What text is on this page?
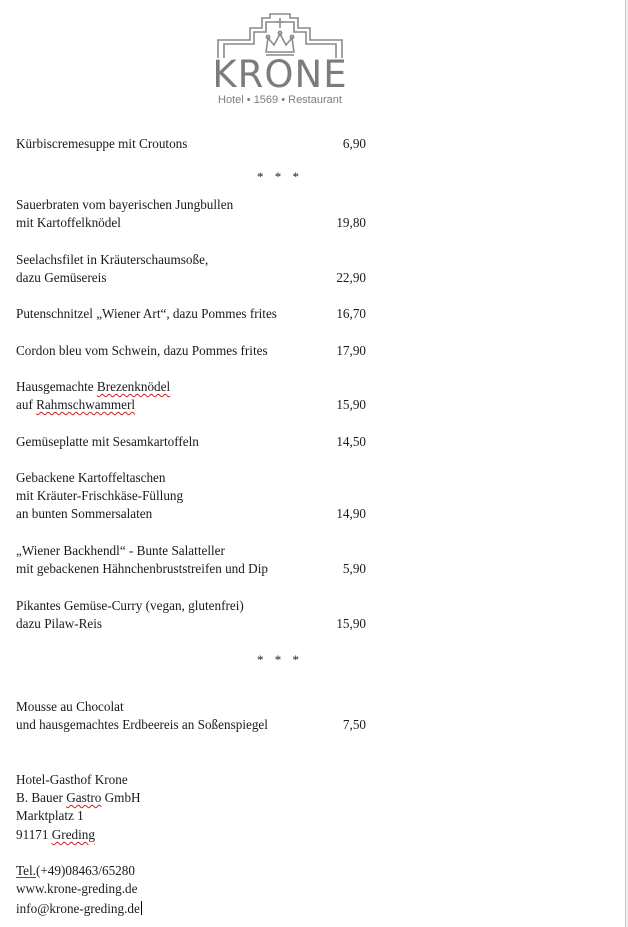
KRONE
Hotel • 1569 • Restaurant
Kürbiscremesuppe mit Croutons	6,90
* * *
Sauerbraten vom bayerischen Jungbullen
mit Kartoffelknödel	19,80
Seelachsfilet in Kräuterschaumsoße,
dazu Gemüsereis	22,90
Putenschnitzel „Wiener Art“, dazu Pommes frites	16,70
Cordon bleu vom Schwein, dazu Pommes frites	17,90
Hausgemachte Brezenknödel
auf Rahmschwammerl	15,90
Gemüseplatte mit Sesamkartoffeln	14,50
Gebackene Kartoffeltaschen
mit Kräuter-Frischkäse-Füllung
an bunten Sommersalaten	14,90
„Wiener Backhendl“ - Bunte Salatteller
mit gebackenen Hähnchenbruststreifen und Dip	5,90
Pikantes Gemüse-Curry (vegan, glutenfrei)
dazu Pilaw-Reis	15,90
* * *
Mousse au Chocolat
und hausgemachtes Erdbeereis an Soßenspiegel	7,50
Hotel-Gasthof Krone
B. Bauer Gastro GmbH
Marktplatz 1
91171 Greding
Tel.(+49)08463/65280
www.krone-greding.de
info@krone-greding.de
